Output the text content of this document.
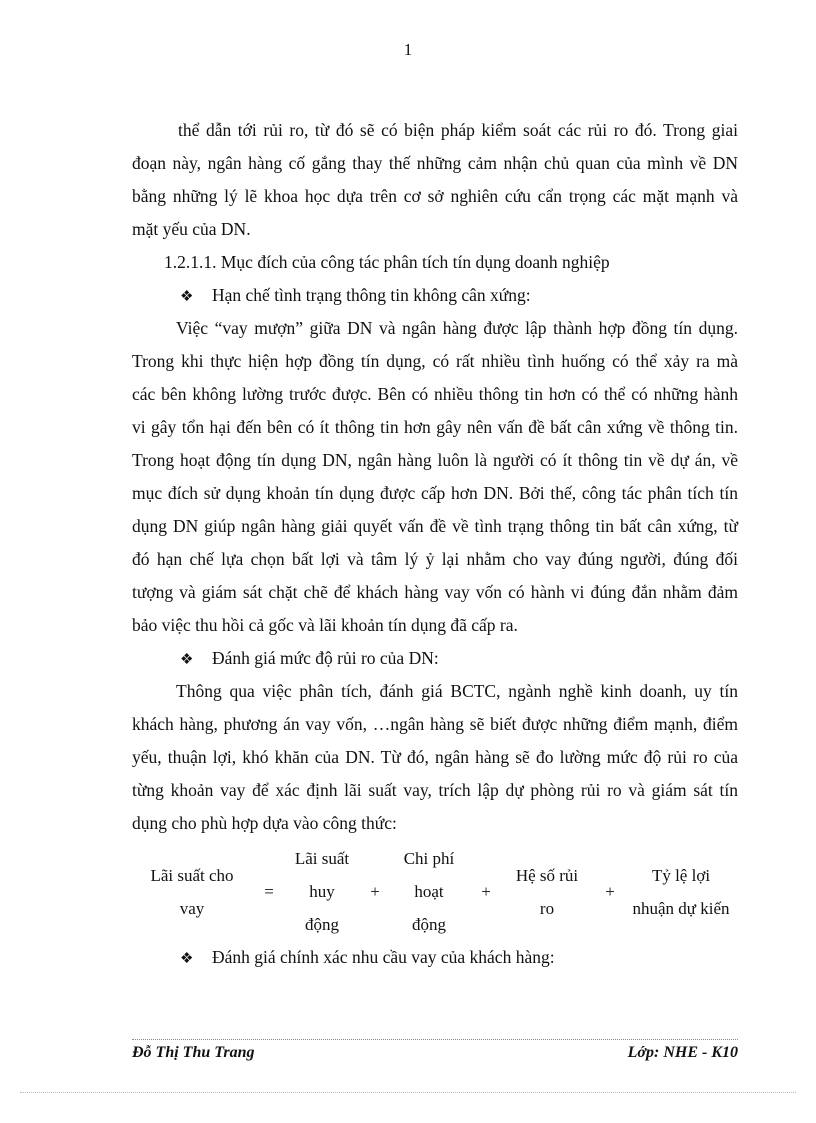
1
thể dẫn tới rủi ro, từ đó sẽ có biện pháp kiểm soát các rủi ro đó. Trong giai
đoạn này, ngân hàng cố gắng thay thế những cảm nhận chủ quan của mình về DN
bằng những lý lẽ khoa học dựa trên cơ sở nghiên cứu cẩn trọng các mặt mạnh và
mặt yếu của DN.
1.2.1.1. Mục đích của công tác phân tích tín dụng doanh nghiệp
❖ Hạn chế tình trạng thông tin không cân xứng:
Việc “vay mượn” giữa DN và ngân hàng được lập thành hợp đồng tín dụng.
Trong khi thực hiện hợp đồng tín dụng, có rất nhiều tình huống có thể xảy ra mà
các bên không lường trước được. Bên có nhiều thông tin hơn có thể có những hành
vi gây tổn hại đến bên có ít thông tin hơn gây nên vấn đề bất cân xứng về thông tin.
Trong hoạt động tín dụng DN, ngân hàng luôn là người có ít thông tin về dự án, về
mục đích sử dụng khoản tín dụng được cấp hơn DN. Bởi thế, công tác phân tích tín
dụng DN giúp ngân hàng giải quyết vấn đề về tình trạng thông tin bất cân xứng, từ
đó hạn chế lựa chọn bất lợi và tâm lý ỷ lại nhằm cho vay đúng người, đúng đối
tượng và giám sát chặt chẽ để khách hàng vay vốn có hành vi đúng đắn nhằm đảm
bảo việc thu hồi cả gốc và lãi khoản tín dụng đã cấp ra.
❖ Đánh giá mức độ rủi ro của DN:
Thông qua việc phân tích, đánh giá BCTC, ngành nghề kinh doanh, uy tín
khách hàng, phương án vay vốn, …ngân hàng sẽ biết được những điểm mạnh, điểm
yếu, thuận lợi, khó khăn của DN. Từ đó, ngân hàng sẽ đo lường mức độ rủi ro của
từng khoản vay để xác định lãi suất vay, trích lập dự phòng rủi ro và giám sát tín
dụng cho phù hợp dựa vào công thức:
Lãi suất cho
vay
=
Lãi suất
huy
động
+
Chi phí
hoạt
động
+
Hệ số rủi
ro
+
Tỷ lệ lợi
nhuận dự kiến
❖ Đánh giá chính xác nhu cầu vay của khách hàng:
Đỗ Thị Thu Trang	Lớp: NHE - K10
